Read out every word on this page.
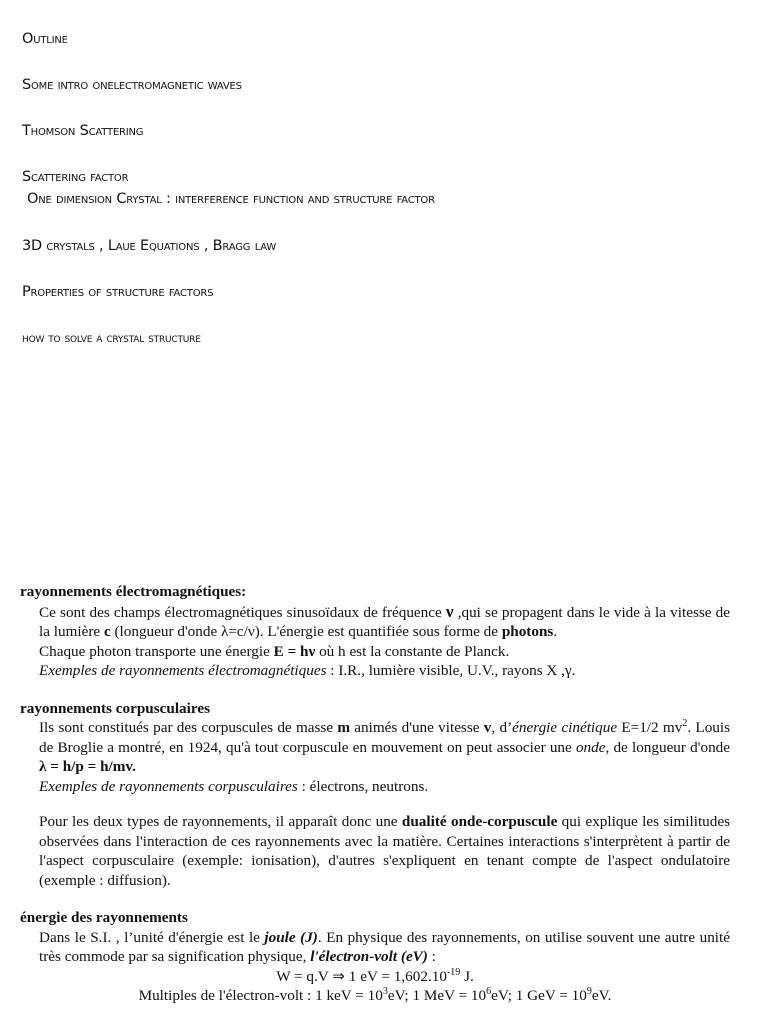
Outline
Some intro onelectromagnetic waves
Thomson Scattering
Scattering factor
One dimension Crystal : interference function and structure factor
3D crystals , Laue Equations , Bragg law
Properties of structure factors
how to solve a crystal structure

rayonnements électromagnétiques:

Ce sont des champs électromagnétiques sinusoïdaux de fréquence ν ,qui se propagent dans le vide à la vitesse de la lumière c (longueur d'onde λ=c/ν). L'énergie est quantifiée sous forme de photons.

Chaque photon transporte une énergie E = hν où h est la constante de Planck.

Exemples de rayonnements électromagnétiques : I.R., lumière visible, U.V., rayons X ,γ.

rayonnements corpusculaires

Ils sont constitués par des corpuscules de masse m animés d'une vitesse v, d’énergie cinétique E=1/2 $mv^2$. Louis de Broglie a montré, en 1924, qu'à tout corpuscule en mouvement on peut associer une onde, de longueur d'onde λ = h/p = h/mv.

Exemples de rayonnements corpusculaires : électrons, neutrons.

Pour les deux types de rayonnements, il apparaît donc une dualité onde-corpuscule qui explique les similitudes observées dans l'interaction de ces rayonnements avec la matière. Certaines interactions s'interprètent à partir de l'aspect corpusculaire (exemple: ionisation), d'autres s'expliquent en tenant compte de l'aspect ondulatoire (exemple : diffusion).

énergie des rayonnements

Dans le S.I. , l’unité d'énergie est le joule (J). En physique des rayonnements, on utilise souvent une autre unité très commode par sa signification physique, l'électron-volt (eV) :

W = q.V ⇒ 1 eV = $1,602.10^{-19}$ J.

Multiples de l'électron-volt : 1 keV = $10^3eV$; 1 MeV = $10^6eV$; 1 GeV = $10^9eV$.
